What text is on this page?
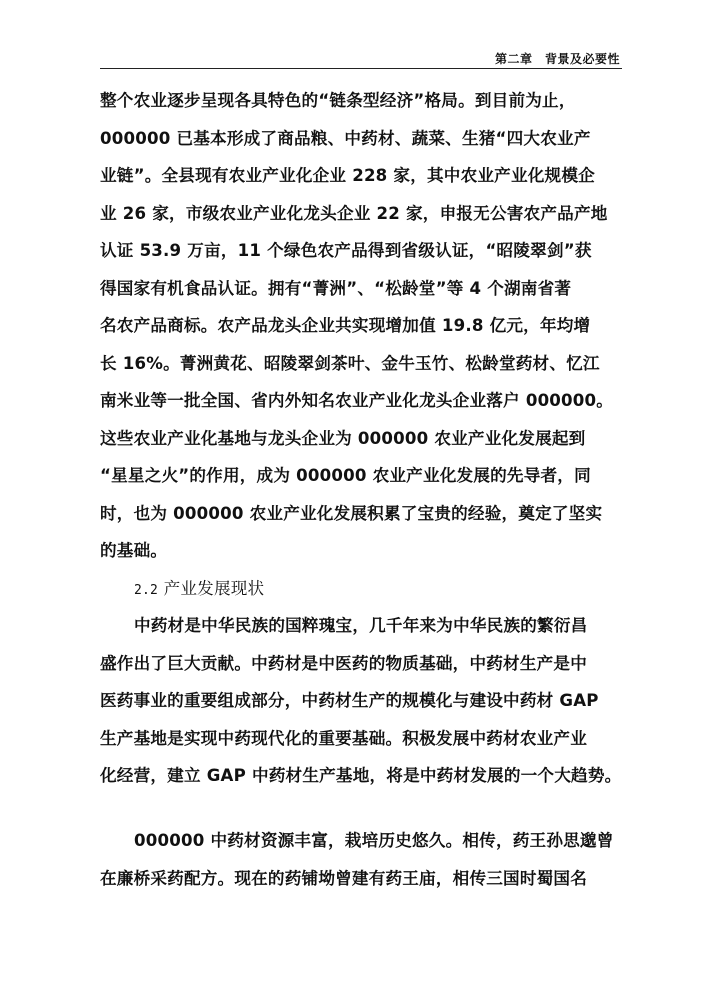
第二章　背景及必要性
整个农业逐步呈现各具特色的“链条型经济”格局。到目前为止，
000000 已基本形成了商品粮、中药材、蔬菜、生猪“四大农业产
业链”。全县现有农业产业化企业 228 家，其中农业产业化规模企
业 26 家，市级农业产业化龙头企业 22 家，申报无公害农产品产地
认证 53.9 万亩，11 个绿色农产品得到省级认证，“昭陵翠剑”获
得国家有机食品认证。拥有“菁洲”、“松龄堂”等 4 个湖南省著
名农产品商标。农产品龙头企业共实现增加值 19.8 亿元，年均增
长 16%。菁洲黄花、昭陵翠剑茶叶、金牛玉竹、松龄堂药材、忆江
南米业等一批全国、省内外知名农业产业化龙头企业落户 000000。
这些农业产业化基地与龙头企业为 000000 农业产业化发展起到
“星星之火”的作用，成为 000000 农业产业化发展的先导者，同
时，也为 000000 农业产业化发展积累了宝贵的经验，奠定了坚实
的基础。
2.2 产业发展现状
中药材是中华民族的国粹瑰宝，几千年来为中华民族的繁衍昌
盛作出了巨大贡献。中药材是中医药的物质基础，中药材生产是中
医药事业的重要组成部分，中药材生产的规模化与建设中药材 GAP
生产基地是实现中药现代化的重要基础。积极发展中药材农业产业
化经营，建立 GAP 中药材生产基地，将是中药材发展的一个大趋势。
000000 中药材资源丰富，栽培历史悠久。相传，药王孙思邈曾
在廉桥采药配方。现在的药铺坳曾建有药王庙，相传三国时蜀国名
